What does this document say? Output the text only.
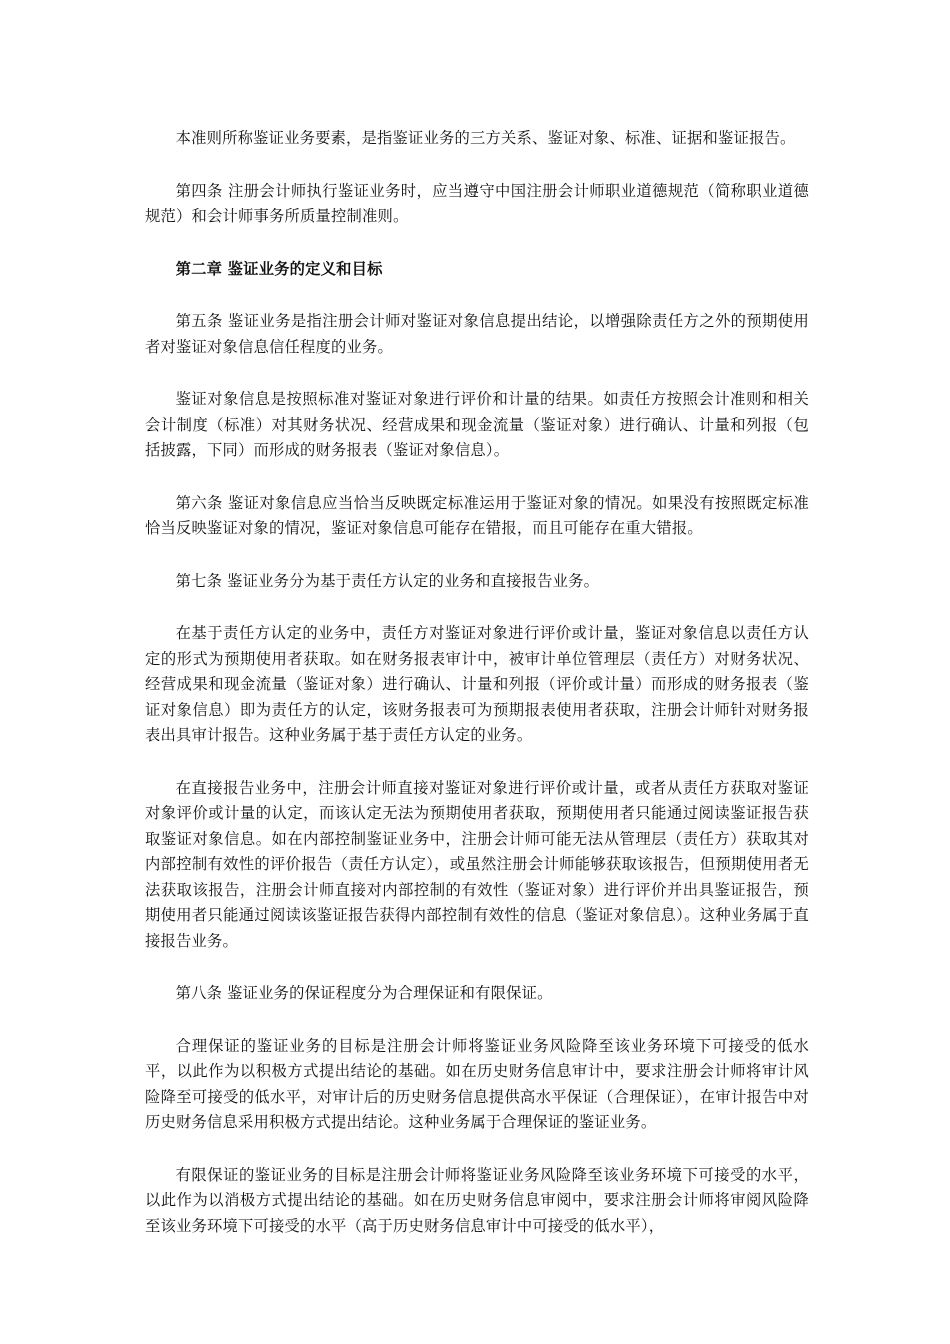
本准则所称鉴证业务要素，是指鉴证业务的三方关系、鉴证对象、标准、证据和鉴证报告。

第四条 注册会计师执行鉴证业务时，应当遵守中国注册会计师职业道德规范（简称职业道德规范）和会计师事务所质量控制准则。

第二章 鉴证业务的定义和目标

第五条 鉴证业务是指注册会计师对鉴证对象信息提出结论，以增强除责任方之外的预期使用者对鉴证对象信息信任程度的业务。

鉴证对象信息是按照标准对鉴证对象进行评价和计量的结果。如责任方按照会计准则和相关会计制度（标准）对其财务状况、经营成果和现金流量（鉴证对象）进行确认、计量和列报（包括披露，下同）而形成的财务报表（鉴证对象信息）。

第六条 鉴证对象信息应当恰当反映既定标准运用于鉴证对象的情况。如果没有按照既定标准恰当反映鉴证对象的情况，鉴证对象信息可能存在错报，而且可能存在重大错报。

第七条 鉴证业务分为基于责任方认定的业务和直接报告业务。

在基于责任方认定的业务中，责任方对鉴证对象进行评价或计量，鉴证对象信息以责任方认定的形式为预期使用者获取。如在财务报表审计中，被审计单位管理层（责任方）对财务状况、经营成果和现金流量（鉴证对象）进行确认、计量和列报（评价或计量）而形成的财务报表（鉴证对象信息）即为责任方的认定，该财务报表可为预期报表使用者获取，注册会计师针对财务报表出具审计报告。这种业务属于基于责任方认定的业务。

在直接报告业务中，注册会计师直接对鉴证对象进行评价或计量，或者从责任方获取对鉴证对象评价或计量的认定，而该认定无法为预期使用者获取，预期使用者只能通过阅读鉴证报告获取鉴证对象信息。如在内部控制鉴证业务中，注册会计师可能无法从管理层（责任方）获取其对内部控制有效性的评价报告（责任方认定），或虽然注册会计师能够获取该报告，但预期使用者无法获取该报告，注册会计师直接对内部控制的有效性（鉴证对象）进行评价并出具鉴证报告，预期使用者只能通过阅读该鉴证报告获得内部控制有效性的信息（鉴证对象信息）。这种业务属于直接报告业务。

第八条 鉴证业务的保证程度分为合理保证和有限保证。

合理保证的鉴证业务的目标是注册会计师将鉴证业务风险降至该业务环境下可接受的低水平，以此作为以积极方式提出结论的基础。如在历史财务信息审计中，要求注册会计师将审计风险降至可接受的低水平，对审计后的历史财务信息提供高水平保证（合理保证），在审计报告中对历史财务信息采用积极方式提出结论。这种业务属于合理保证的鉴证业务。

有限保证的鉴证业务的目标是注册会计师将鉴证业务风险降至该业务环境下可接受的水平，以此作为以消极方式提出结论的基础。如在历史财务信息审阅中，要求注册会计师将审阅风险降至该业务环境下可接受的水平（高于历史财务信息审计中可接受的低水平），
